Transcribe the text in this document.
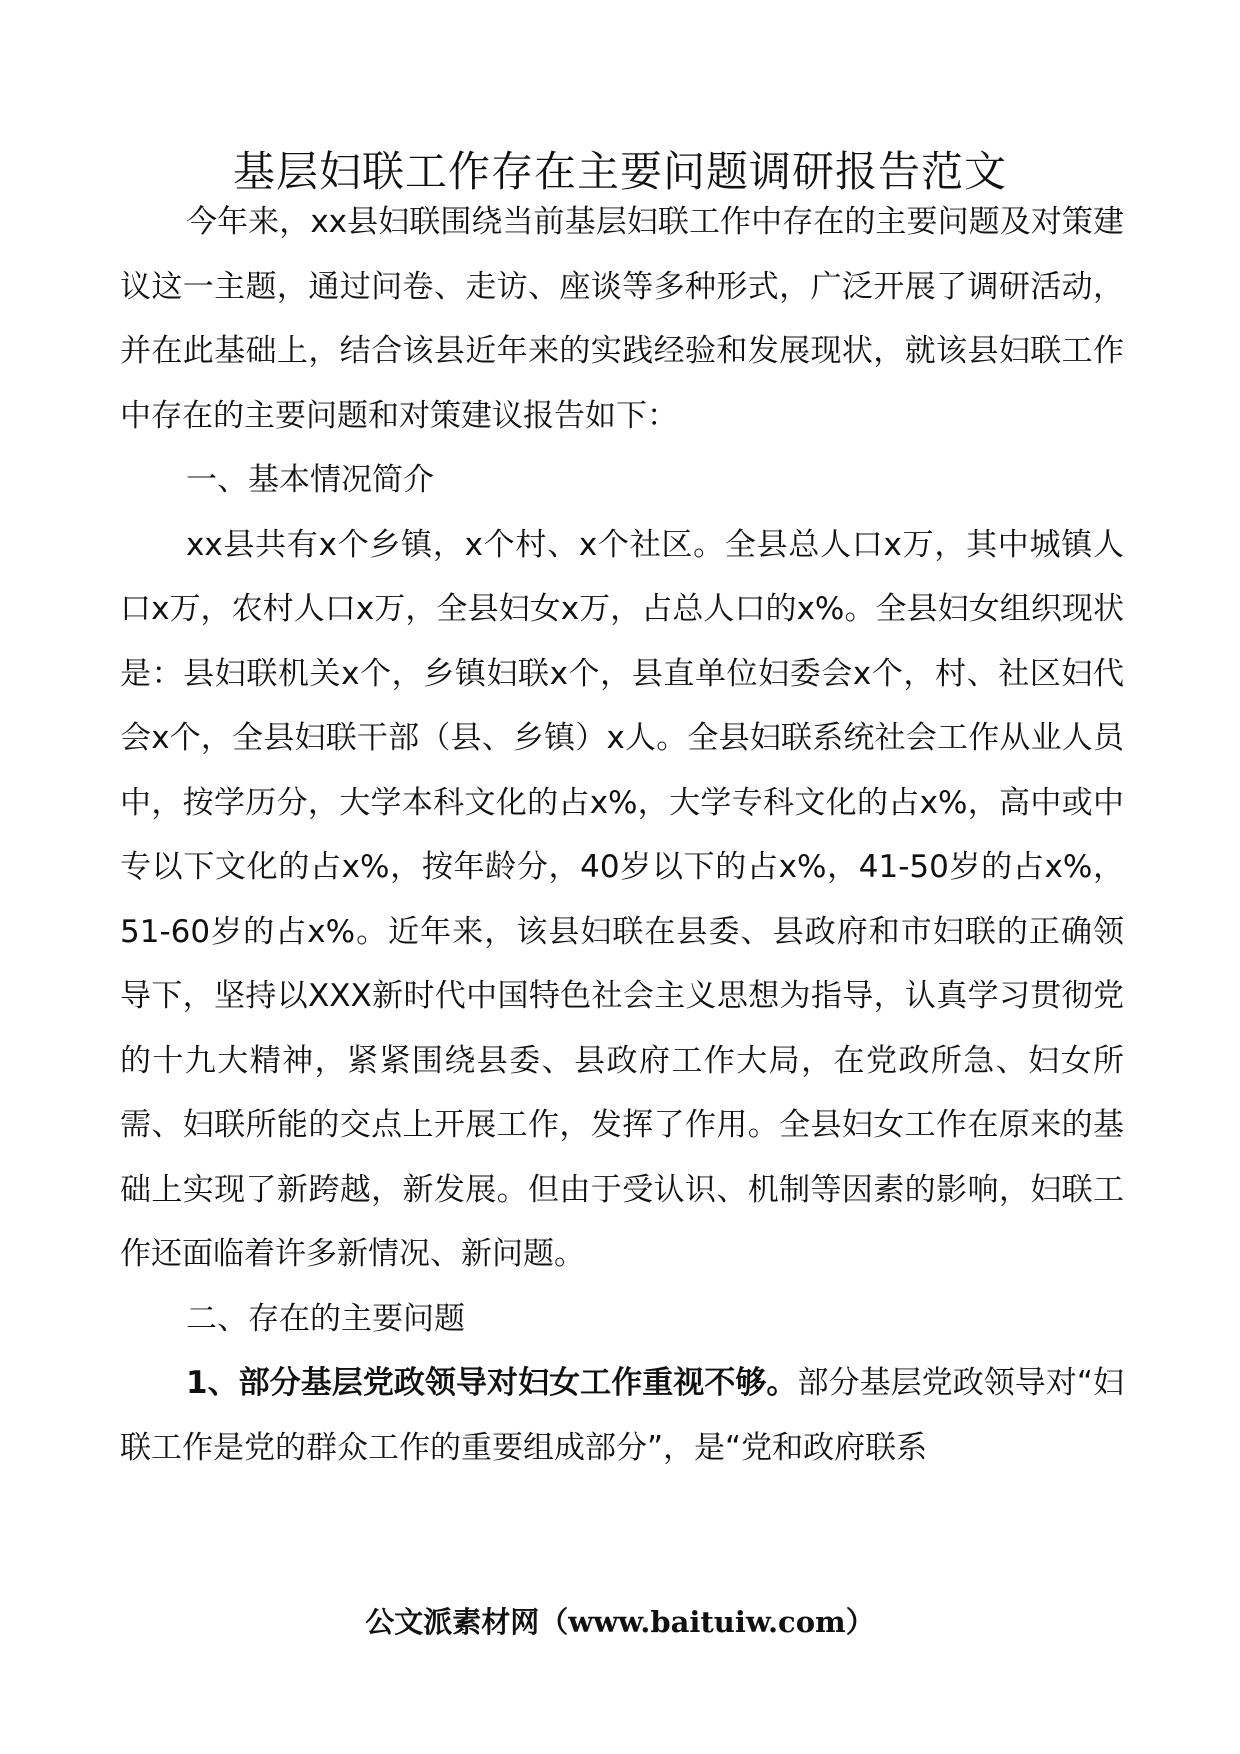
基层妇联工作存在主要问题调研报告范文

今年来，xx县妇联围绕当前基层妇联工作中存在的主要问题及对策建议这一主题，通过问卷、走访、座谈等多种形式，广泛开展了调研活动，并在此基础上，结合该县近年来的实践经验和发展现状，就该县妇联工作中存在的主要问题和对策建议报告如下：

一、基本情况简介

xx县共有x个乡镇，x个村、x个社区。全县总人口x万，其中城镇人口x万，农村人口x万，全县妇女x万，占总人口的x%。全县妇女组织现状是：县妇联机关x个，乡镇妇联x个，县直单位妇委会x个，村、社区妇代会x个，全县妇联干部（县、乡镇）x人。全县妇联系统社会工作从业人员中，按学历分，大学本科文化的占x%，大学专科文化的占x%，高中或中专以下文化的占x%，按年龄分，40岁以下的占x%，41-50岁的占x%，51-60岁的占x%。近年来，该县妇联在县委、县政府和市妇联的正确领导下，坚持以XXX新时代中国特色社会主义思想为指导，认真学习贯彻党的十九大精神，紧紧围绕县委、县政府工作大局，在党政所急、妇女所需、妇联所能的交点上开展工作，发挥了作用。全县妇女工作在原来的基础上实现了新跨越，新发展。但由于受认识、机制等因素的影响，妇联工作还面临着许多新情况、新问题。

二、存在的主要问题

1、部分基层党政领导对妇女工作重视不够。部分基层党政领导对“妇联工作是党的群众工作的重要组成部分”，是“党和政府联系

公文派素材网（www.baituiw.com）
